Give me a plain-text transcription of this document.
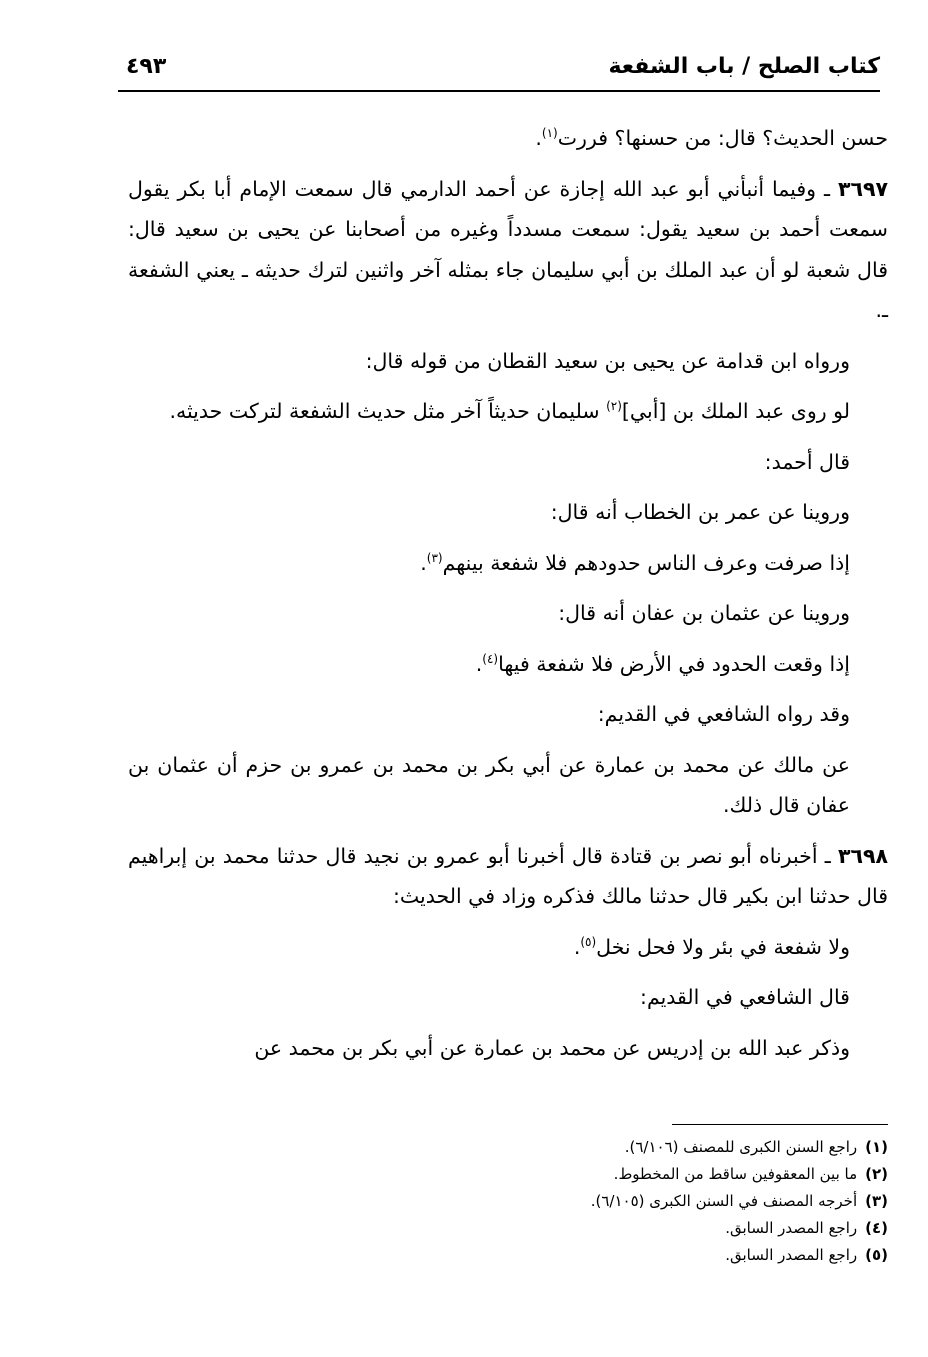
كتاب الصلح / باب الشفعة
٤٩٣

حسن الحديث؟ قال: من حسنها؟ فررت$^{(١)}$.

٣٦٩٧ ـ وفيما أنبأني أبو عبد الله إجازة عن أحمد الدارمي قال سمعت الإمام أبا بكر يقول سمعت أحمد بن سعيد يقول: سمعت مسدداً وغيره من أصحابنا عن يحيى بن سعيد قال: قال شعبة لو أن عبد الملك بن أبي سليمان جاء بمثله آخر واثنين لترك حديثه ـ يعني الشفعة ـ.

ورواه ابن قدامة عن يحيى بن سعيد القطان من قوله قال:

لو روى عبد الملك بن [أبي]$^{(٢)}$ سليمان حديثاً آخر مثل حديث الشفعة لتركت حديثه.

قال أحمد:

وروينا عن عمر بن الخطاب أنه قال:

إذا صرفت وعرف الناس حدودهم فلا شفعة بينهم$^{(٣)}$.

وروينا عن عثمان بن عفان أنه قال:

إذا وقعت الحدود في الأرض فلا شفعة فيها$^{(٤)}$.

وقد رواه الشافعي في القديم:

عن مالك عن محمد بن عمارة عن أبي بكر بن محمد بن عمرو بن حزم أن عثمان بن عفان قال ذلك.

٣٦٩٨ ـ أخبرناه أبو نصر بن قتادة قال أخبرنا أبو عمرو بن نجيد قال حدثنا محمد بن إبراهيم قال حدثنا ابن بكير قال حدثنا مالك فذكره وزاد في الحديث:

ولا شفعة في بئر ولا فحل نخل$^{(٥)}$.

قال الشافعي في القديم:

وذكر عبد الله بن إدريس عن محمد بن عمارة عن أبي بكر بن محمد عن

(١)راجع السنن الكبرى للمصنف (٦/١٠٦).
(٢)ما بين المعقوفين ساقط من المخطوط.
(٣)أخرجه المصنف في السنن الكبرى (٦/١٠٥).
(٤)راجع المصدر السابق.
(٥)راجع المصدر السابق.
